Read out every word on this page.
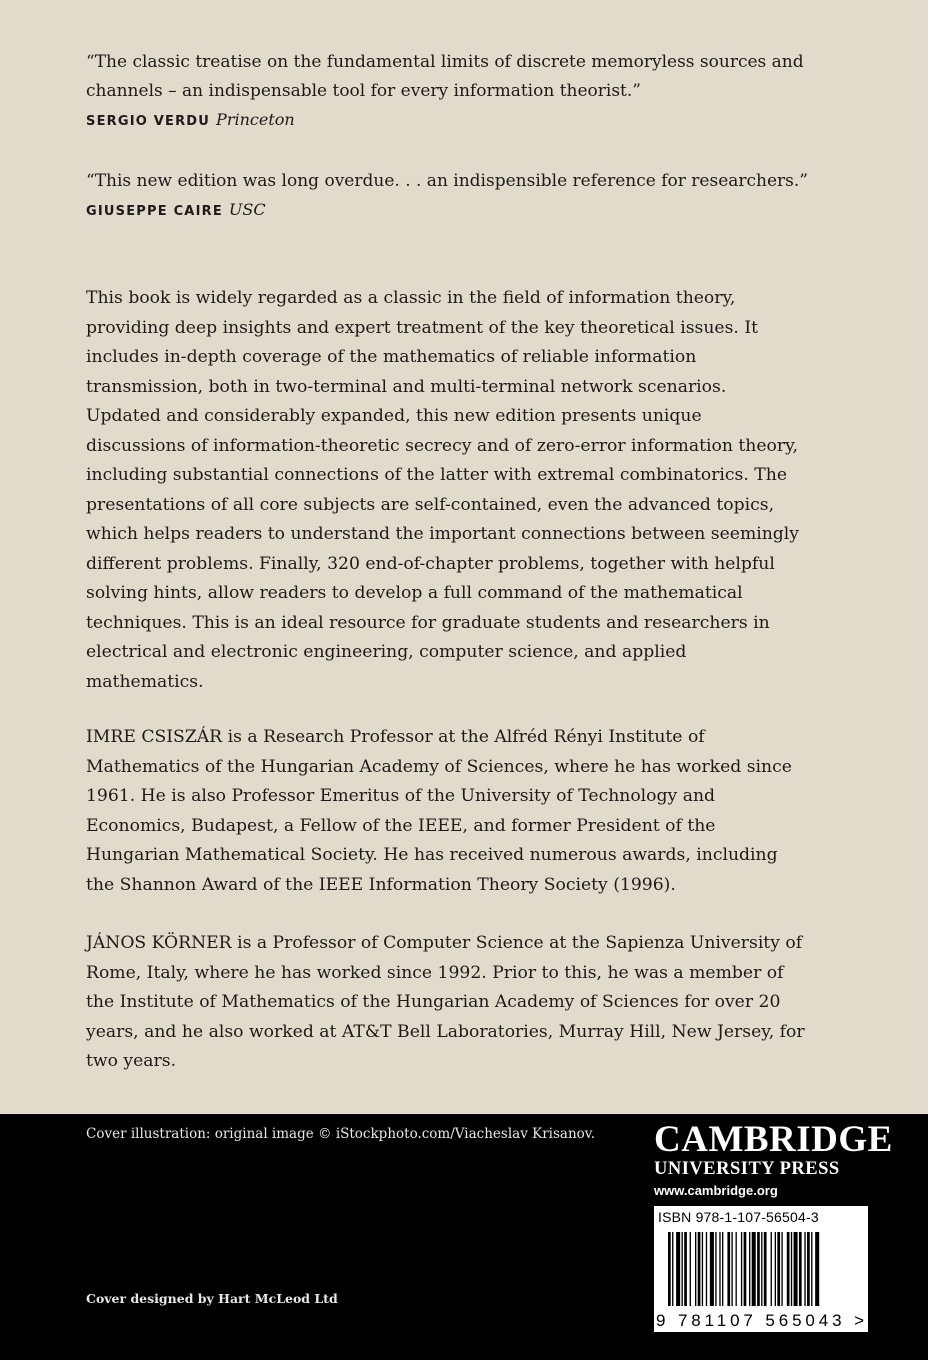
“The classic treatise on the fundamental limits of discrete memoryless sources and
channels – an indispensable tool for every information theorist.”
SERGIO VERDU Princeton
“This new edition was long overdue. . . an indispensible reference for researchers.”
GIUSEPPE CAIRE USC

This book is widely regarded as a classic in the field of information theory, providing deep insights and expert treatment of the key theoretical issues. It includes in-depth coverage of the mathematics of reliable information transmission, both in two-terminal and multi-terminal network scenarios. Updated and considerably expanded, this new edition presents unique discussions of information-theoretic secrecy and of zero-error information theory, including substantial connections of the latter with extremal combinatorics. The presentations of all core subjects are self-contained, even the advanced topics, which helps readers to understand the important connections between seemingly different problems. Finally, 320 end-of-chapter problems, together with helpful solving hints, allow readers to develop a full command of the mathematical techniques. This is an ideal resource for graduate students and researchers in electrical and electronic engineering, computer science, and applied mathematics.

IMRE CSISZÁR is a Research Professor at the Alfréd Rényi Institute of Mathematics of the Hungarian Academy of Sciences, where he has worked since 1961. He is also Professor Emeritus of the University of Technology and Economics, Budapest, a Fellow of the IEEE, and former President of the Hungarian Mathematical Society. He has received numerous awards, including the Shannon Award of the IEEE Information Theory Society (1996).

JÁNOS KÖRNER is a Professor of Computer Science at the Sapienza University of Rome, Italy, where he has worked since 1992. Prior to this, he was a member of the Institute of Mathematics of the Hungarian Academy of Sciences for over 20 years, and he also worked at AT&T Bell Laboratories, Murray Hill, New Jersey, for two years.

Cover illustration: original image © iStockphoto.com/Viacheslav Krisanov.
Cover designed by Hart McLeod Ltd
CAMBRIDGE
UNIVERSITY PRESS
www.cambridge.org
ISBN 978-1-107-56504-3
9 781107 565043 >
